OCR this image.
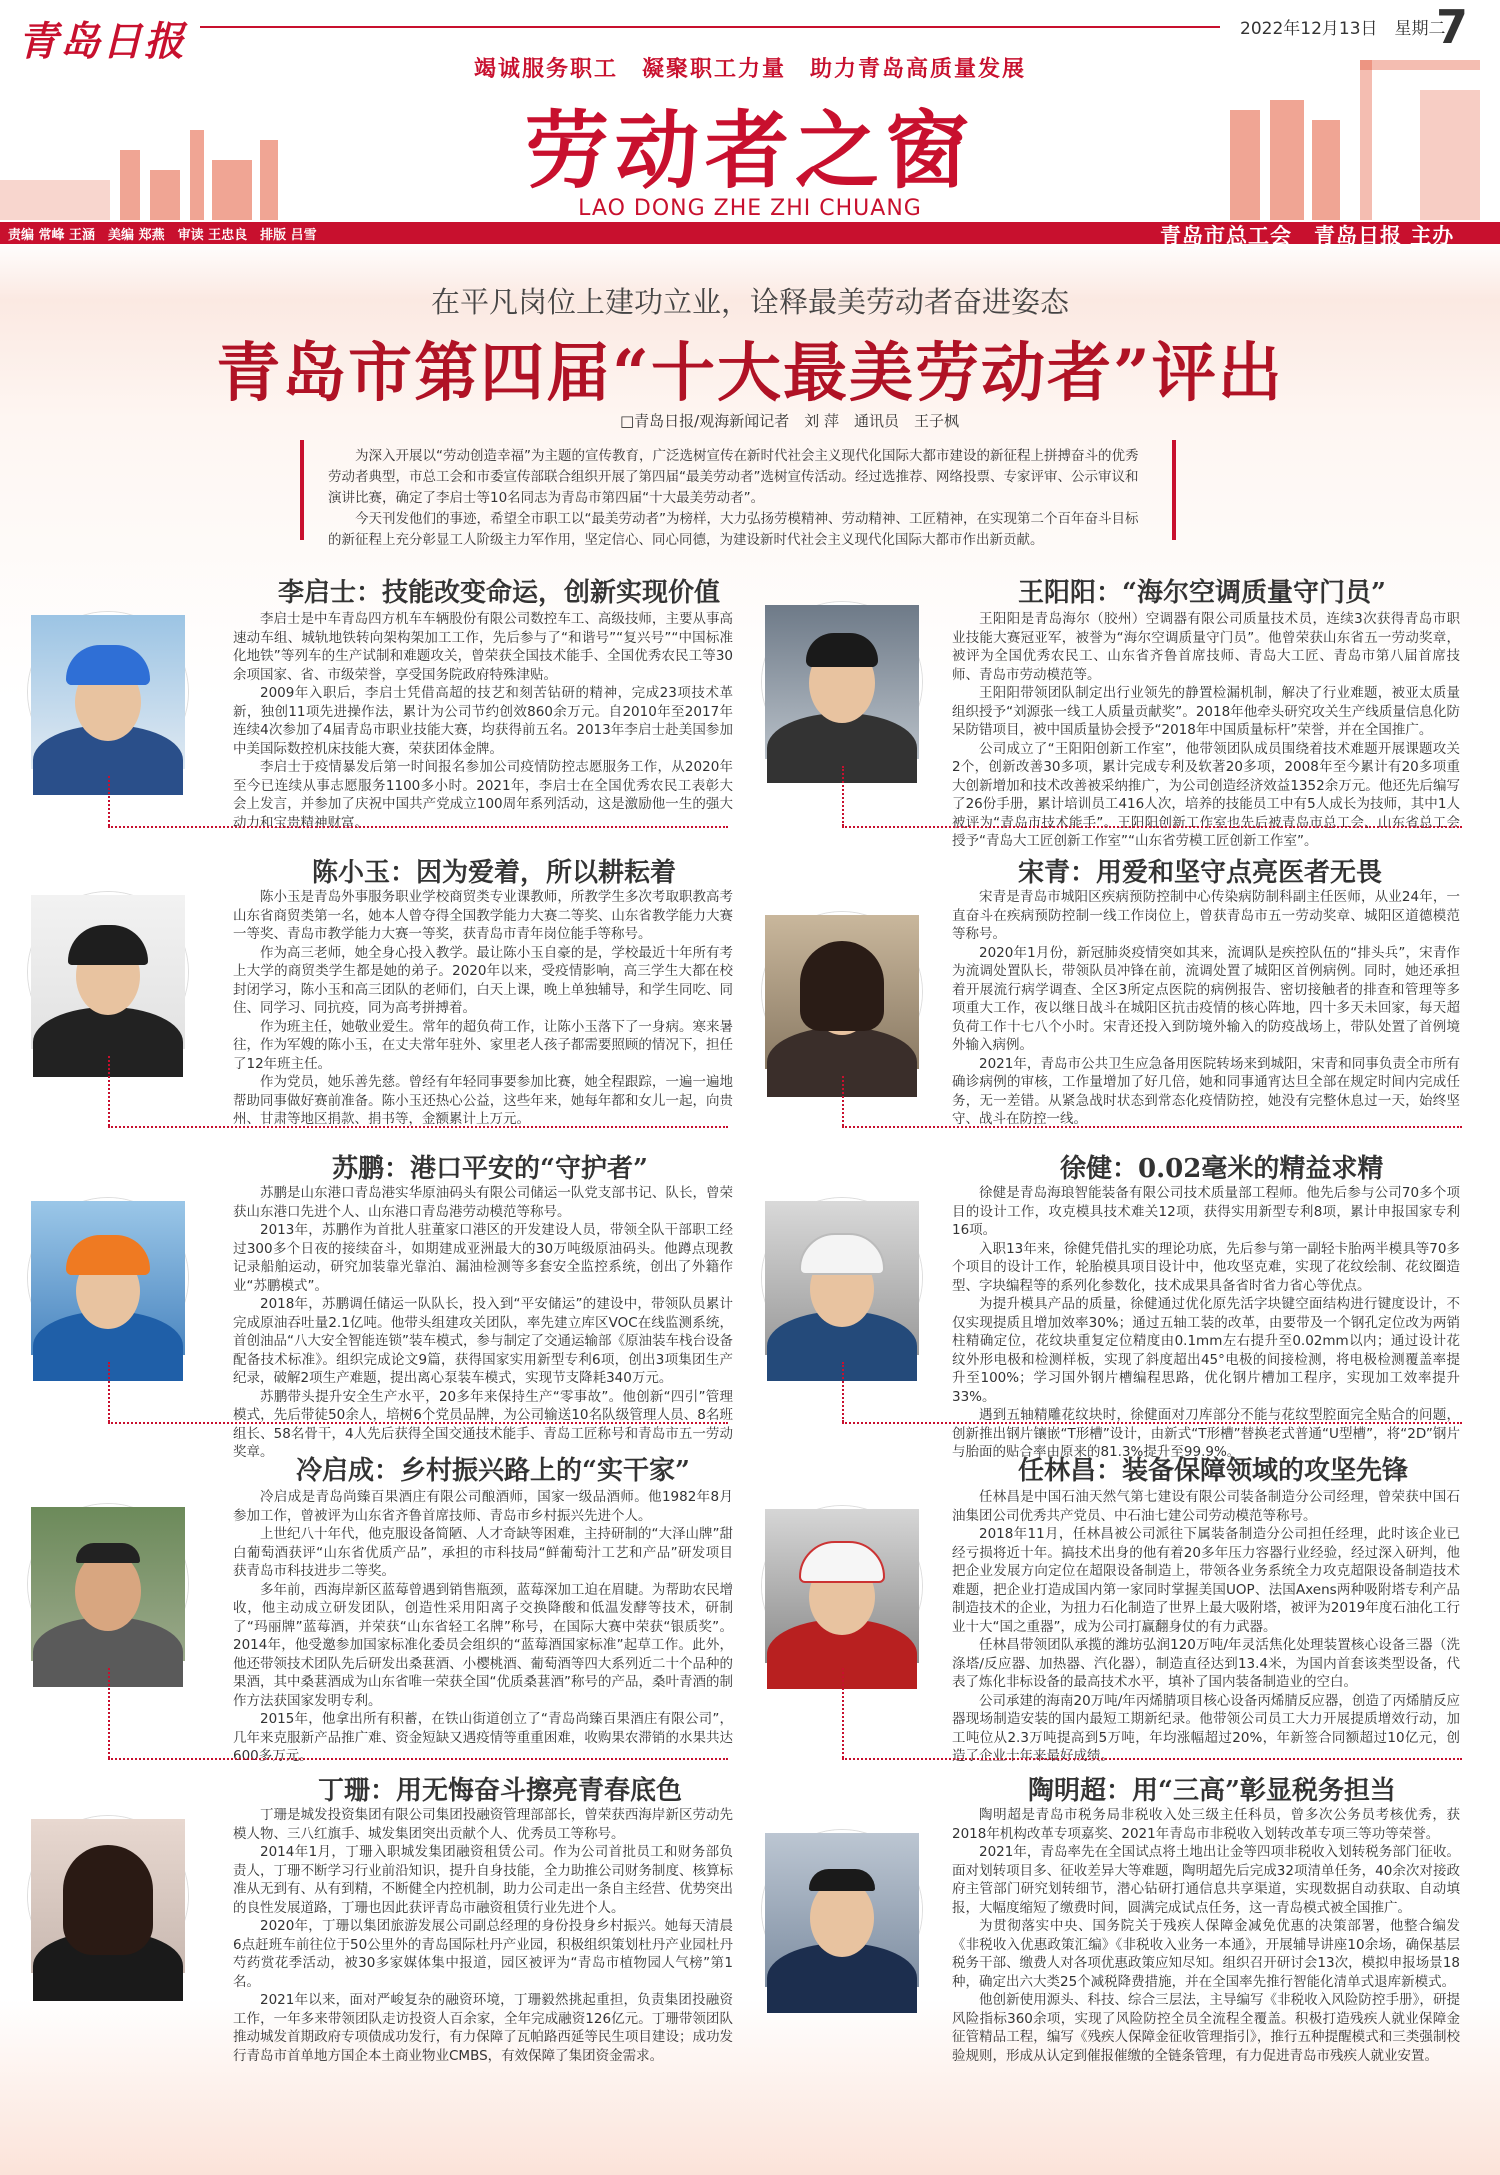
青岛日报	2022年12月13日　星期二
7
竭诚服务职工　凝聚职工力量　助力青岛高质量发展
劳动者之窗
LAO DONG ZHE ZHI CHUANG
责编 常峰 王涵　美编 郑燕　审读 王忠良　排版 吕雪	青岛市总工会　青岛日报 主办
在平凡岗位上建功立业，诠释最美劳动者奋进姿态
青岛市第四届“十大最美劳动者”评出
□青岛日报/观海新闻记者　刘 萍　通讯员　王子枫

为深入开展以“劳动创造幸福”为主题的宣传教育，广泛选树宣传在新时代社会主义现代化国际大都市建设的新征程上拼搏奋斗的优秀劳动者典型，市总工会和市委宣传部联合组织开展了第四届“最美劳动者”选树宣传活动。经过选推荐、网络投票、专家评审、公示审议和演讲比赛，确定了李启士等10名同志为青岛市第四届“十大最美劳动者”。

今天刊发他们的事迹，希望全市职工以“最美劳动者”为榜样，大力弘扬劳模精神、劳动精神、工匠精神，在实现第二个百年奋斗目标的新征程上充分彰显工人阶级主力军作用，坚定信心、同心同德，为建设新时代社会主义现代化国际大都市作出新贡献。

李启士：技能改变命运，创新实现价值

李启士是中车青岛四方机车车辆股份有限公司数控车工、高级技师，主要从事高速动车组、城轨地铁转向架构架加工工作，先后参与了“和谐号”“复兴号”“中国标准化地铁”等列车的生产试制和难题攻关，曾荣获全国技术能手、全国优秀农民工等30余项国家、省、市级荣誉，享受国务院政府特殊津贴。

2009年入职后，李启士凭借高超的技艺和刻苦钻研的精神，完成23项技术革新，独创11项先进操作法，累计为公司节约创效860余万元。自2010年至2017年连续4次参加了4届青岛市职业技能大赛，均获得前五名。2013年李启士赴美国参加中美国际数控机床技能大赛，荣获团体金牌。

李启士于疫情暴发后第一时间报名参加公司疫情防控志愿服务工作，从2020年至今已连续从事志愿服务1100多小时。2021年，李启士在全国优秀农民工表彰大会上发言，并参加了庆祝中国共产党成立100周年系列活动，这是激励他一生的强大动力和宝贵精神财富。

王阳阳：“海尔空调质量守门员”

王阳阳是青岛海尔（胶州）空调器有限公司质量技术员，连续3次获得青岛市职业技能大赛冠亚军，被誉为“海尔空调质量守门员”。他曾荣获山东省五一劳动奖章，被评为全国优秀农民工、山东省齐鲁首席技师、青岛大工匠、青岛市第八届首席技师、青岛市劳动模范等。

王阳阳带领团队制定出行业领先的静置检漏机制，解决了行业难题，被亚太质量组织授予“刘源张一线工人质量贡献奖”。2018年他牵头研究攻关生产线质量信息化防呆防错项目，被中国质量协会授予“2018年中国质量标杆”荣誉，并在全国推广。

公司成立了“王阳阳创新工作室”，他带领团队成员围绕着技术难题开展课题攻关2个，创新改善30多项，累计完成专利及软著20多项，2008年至今累计有20多项重大创新增加和技术改善被采纳推广，为公司创造经济效益1352余万元。他还先后编写了26份手册，累计培训员工416人次，培养的技能员工中有5人成长为技师，其中1人被评为“青岛市技术能手”。王阳阳创新工作室也先后被青岛市总工会、山东省总工会授予“青岛大工匠创新工作室”“山东省劳模工匠创新工作室”。

陈小玉：因为爱着，所以耕耘着

陈小玉是青岛外事服务职业学校商贸类专业课教师，所教学生多次考取职教高考山东省商贸类第一名，她本人曾夺得全国教学能力大赛二等奖、山东省教学能力大赛一等奖、青岛市教学能力大赛一等奖，获青岛市青年岗位能手等称号。

作为高三老师，她全身心投入教学。最让陈小玉自豪的是，学校最近十年所有考上大学的商贸类学生都是她的弟子。2020年以来，受疫情影响，高三学生大都在校封闭学习，陈小玉和高三团队的老师们，白天上课，晚上单独辅导，和学生同吃、同住、同学习、同抗疫，同为高考拼搏着。

作为班主任，她敬业爱生。常年的超负荷工作，让陈小玉落下了一身病。寒来暑往，作为军嫂的陈小玉，在丈夫常年驻外、家里老人孩子都需要照顾的情况下，担任了12年班主任。

作为党员，她乐善先慈。曾经有年轻同事要参加比赛，她全程跟踪，一遍一遍地帮助同事做好赛前准备。陈小玉还热心公益，这些年来，她每年都和女儿一起，向贵州、甘肃等地区捐款、捐书等，金额累计上万元。

宋青：用爱和坚守点亮医者无畏

宋青是青岛市城阳区疾病预防控制中心传染病防制科副主任医师，从业24年，一直奋斗在疾病预防控制一线工作岗位上，曾获青岛市五一劳动奖章、城阳区道德模范等称号。

2020年1月份，新冠肺炎疫情突如其来，流调队是疾控队伍的“排头兵”，宋青作为流调处置队长，带领队员冲锋在前，流调处置了城阳区首例病例。同时，她还承担着开展流行病学调查、全区3所定点医院的病例报告、密切接触者的排查和管理等多项重大工作，夜以继日战斗在城阳区抗击疫情的核心阵地，四十多天未回家，每天超负荷工作十七八个小时。宋青还投入到防境外输入的防疫战场上，带队处置了首例境外输入病例。

2021年，青岛市公共卫生应急备用医院转场来到城阳，宋青和同事负责全市所有确诊病例的审核，工作量增加了好几倍，她和同事通宵达旦全部在规定时间内完成任务，无一差错。从紧急战时状态到常态化疫情防控，她没有完整休息过一天，始终坚守、战斗在防控一线。

苏鹏：港口平安的“守护者”

苏鹏是山东港口青岛港实华原油码头有限公司储运一队党支部书记、队长，曾荣获山东港口先进个人、山东港口青岛港劳动模范等称号。

2013年，苏鹏作为首批人驻董家口港区的开发建设人员，带领全队干部职工经过300多个日夜的接续奋斗，如期建成亚洲最大的30万吨级原油码头。他蹲点现教记录船舶运动，研究加装靠光靠泊、漏油检测等多套安全监控系统，创出了外籍作业“苏鹏模式”。

2018年，苏鹏调任储运一队队长，投入到“平安储运”的建设中，带领队员累计完成原油吞吐量2.1亿吨。他带头组建攻关团队，率先建立库区VOC在线监测系统，首创油品“八大安全智能连锁”装车模式，参与制定了交通运输部《原油装车栈台设备配备技术标准》。组织完成论文9篇，获得国家实用新型专利6项，创出3项集团生产纪录，破解2项生产难题，提出离心泵装车模式，实现节支降耗340万元。

苏鹏带头提升安全生产水平，20多年来保持生产“零事故”。他创新“四引”管理模式，先后带徒50余人，培树6个党员品牌，为公司输送10名队级管理人员、8名班组长、58名骨干，4人先后获得全国交通技术能手、青岛工匠称号和青岛市五一劳动奖章。

徐健：0.02毫米的精益求精

徐健是青岛海琅智能装备有限公司技术质量部工程师。他先后参与公司70多个项目的设计工作，攻克模具技术难关12项，获得实用新型专利8项，累计申报国家专利16项。

入职13年来，徐健凭借扎实的理论功底，先后参与第一副轻卡胎两半模具等70多个项目的设计工作，轮胎模具项目设计中，他攻坚克难，实现了花纹绘制、花纹圈造型、字块编程等的系列化参数化，技术成果具备省时省力省心等优点。

为提升模具产品的质量，徐健通过优化原先活字块键空面结构进行键度设计，不仅实现提质且增加效率30%；通过五轴工装的改革，由要带及一个钢孔定位改为两销柱精确定位，花纹块重复定位精度由0.1mm左右提升至0.02mm以内；通过设计花纹外形电极和检测样板，实现了斜度超出45°电极的间接检测，将电极检测覆盖率提升至100%；学习国外钢片槽编程思路，优化钢片槽加工程序，实现加工效率提升33%。

遇到五轴精雕花纹块时，徐健面对刀库部分不能与花纹型腔面完全贴合的问题，创新推出钢片镶嵌“T形槽”设计，由新式“T形槽”替换老式普通“U型槽”，将“2D”钢片与胎面的贴合率由原来的81.3%提升至99.9%。

冷启成：乡村振兴路上的“实干家”

冷启成是青岛尚臻百果酒庄有限公司酿酒师，国家一级品酒师。他1982年8月参加工作，曾被评为山东省齐鲁首席技师、青岛市乡村振兴先进个人。

上世纪八十年代，他克服设备简陋、人才奇缺等困难，主持研制的“大泽山牌”甜白葡萄酒获评“山东省优质产品”，承担的市科技局“鲜葡萄汁工艺和产品”研发项目获青岛市科技进步二等奖。

多年前，西海岸新区蓝莓曾遇到销售瓶颈，蓝莓深加工迫在眉睫。为帮助农民增收，他主动成立研发团队，创造性采用阳离子交换降酸和低温发酵等技术，研制了“玛丽牌”蓝莓酒，并荣获“山东省轻工名牌”称号，在国际大赛中荣获“银质奖”。2014年，他受邀参加国家标准化委员会组织的“蓝莓酒国家标准”起草工作。此外，他还带领技术团队先后研发出桑葚酒、小樱桃酒、葡萄酒等四大系列近二十个品种的果酒，其中桑葚酒成为山东省唯一荣获全国“优质桑葚酒”称号的产品，桑叶青酒的制作方法获国家发明专利。

2015年，他拿出所有积蓄，在铁山街道创立了“青岛尚臻百果酒庄有限公司”，几年来克服新产品推广难、资金短缺又遇疫情等重重困难，收购果农滞销的水果共达600多万元。

任林昌：装备保障领域的攻坚先锋

任林昌是中国石油天然气第七建设有限公司装备制造分公司经理，曾荣获中国石油集团公司优秀共产党员、中石油七建公司劳动模范等称号。

2018年11月，任林昌被公司派往下属装备制造分公司担任经理，此时该企业已经亏损将近十年。搞技术出身的他有着20多年压力容器行业经验，经过深入研判，他把企业发展方向定位在超限设备制造上，带领各业务系统全力攻克超限设备制造技术难题，把企业打造成国内第一家同时掌握美国UOP、法国Axens两种吸附塔专利产品制造技术的企业，为扭力石化制造了世界上最大吸附塔，被评为2019年度石油化工行业十大“国之重器”，成为公司打赢翻身仗的有力武器。

任林昌带领团队承揽的潍坊弘润120万吨/年灵活焦化处理装置核心设备三器（洗涤塔/反应器、加热器、汽化器），制造直径达到13.4米，为国内首套该类型设备，代表了炼化非标设备的最高技术水平，填补了国内装备制造业的空白。

公司承建的海南20万吨/年丙烯腈项目核心设备丙烯腈反应器，创造了丙烯腈反应器现场制造安装的国内最短工期新纪录。他带领公司员工大力开展提质增效行动，加工吨位从2.3万吨提高到5万吨，年均涨幅超过20%，年新签合同额超过10亿元，创造了企业十年来最好成绩。

丁珊：用无悔奋斗擦亮青春底色

丁珊是城发投资集团有限公司集团投融资管理部部长，曾荣获西海岸新区劳动先模人物、三八红旗手、城发集团突出贡献个人、优秀员工等称号。

2014年1月，丁珊入职城发集团融资租赁公司。作为公司首批员工和财务部负责人，丁珊不断学习行业前沿知识，提升自身技能，全力助推公司财务制度、核算标准从无到有、从有到精，不断健全内控机制，助力公司走出一条自主经营、优势突出的良性发展道路，丁珊也因此获评青岛市融资租赁行业先进个人。

2020年，丁珊以集团旅游发展公司副总经理的身份投身乡村振兴。她每天清晨6点赶班车前往位于50公里外的青岛国际杜丹产业园，积极组织策划杜丹产业园杜丹芍药赏花季活动，被30多家媒体集中报道，园区被评为“青岛市植物园人气榜”第1名。

2021年以来，面对严峻复杂的融资环境，丁珊毅然挑起重担，负责集团投融资工作，一年多来带领团队走访投资人百余家，全年完成融资126亿元。丁珊带领团队推动城发首期政府专项债成功发行，有力保障了瓦帕路西延等民生项目建设；成功发行青岛市首单地方国企本土商业物业CMBS，有效保障了集团资金需求。

陶明超：用“三高”彰显税务担当

陶明超是青岛市税务局非税收入处三级主任科员，曾多次公务员考核优秀，获2018年机构改革专项嘉奖、2021年青岛市非税收入划转改革专项三等功等荣誉。

2021年，青岛率先在全国试点将土地出让金等四项非税收入划转税务部门征收。面对划转项目多、征收差异大等难题，陶明超先后完成32项清单任务，40余次对接政府主管部门研究划转细节，潜心钻研打通信息共享渠道，实现数据自动获取、自动填报，大幅度缩短了缴费时间，圆满完成试点任务，这一青岛模式被全国推广。

为贯彻落实中央、国务院关于残疾人保障金减免优惠的决策部署，他整合编发《非税收入优惠政策汇编》《非税收入业务一本通》，开展辅导讲座10余场，确保基层税务干部、缴费人对各项优惠政策应知尽知。组织召开研讨会13次，模拟申报场景18种，确定出六大类25个减税降费措施，并在全国率先推行智能化清单式退库新模式。

他创新使用源头、科技、综合三层法，主导编写《非税收入风险防控手册》，研提风险指标360余项，实现了风险防控全员全流程全覆盖。积极打造残疾人就业保障金征管精品工程，编写《残疾人保障金征收管理指引》，推行五种提醒模式和三类强制校验规则，形成从认定到催报催缴的全链条管理，有力促进青岛市残疾人就业安置。
